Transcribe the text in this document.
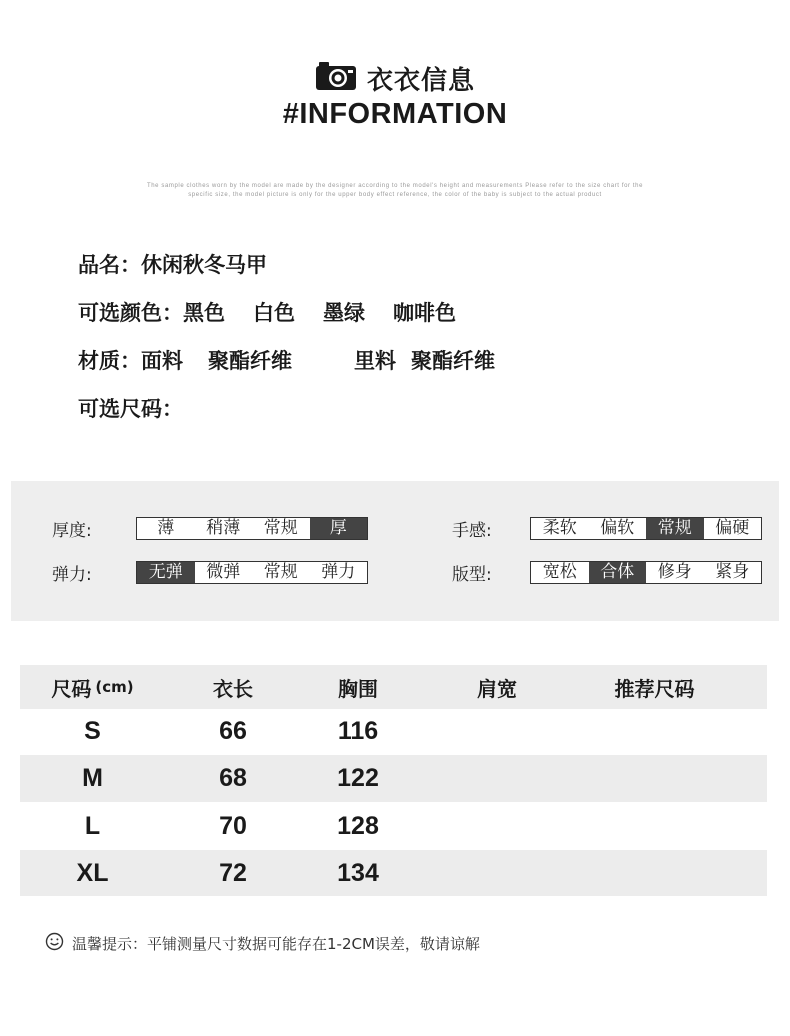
衣衣信息
#INFORMATION
The sample clothes worn by the model are made by the designer according to the model's height and measurements Please refer to the size chart for the
specific size, the model picture is only for the upper body effect reference, the color of the baby is subject to the actual product
品名： 休闲秋冬马甲
可选颜色： 黑色 白色 墨绿 咖啡色
材质： 面料 聚酯纤维	里料 聚酯纤维
可选尺码：
厚度:	薄	稍薄	常规	厚	手感:	柔软	偏软	常规	偏硬
弹力:	无弹	微弹	常规	弹力	版型:	宽松	合体	修身	紧身
尺码 (cm)	衣长	胸围	肩宽	推荐尺码
S	66	116
M	68	122
L	70	128
XL	72	134
温馨提示：平铺测量尺寸数据可能存在1-2CM误差，敬请谅解
